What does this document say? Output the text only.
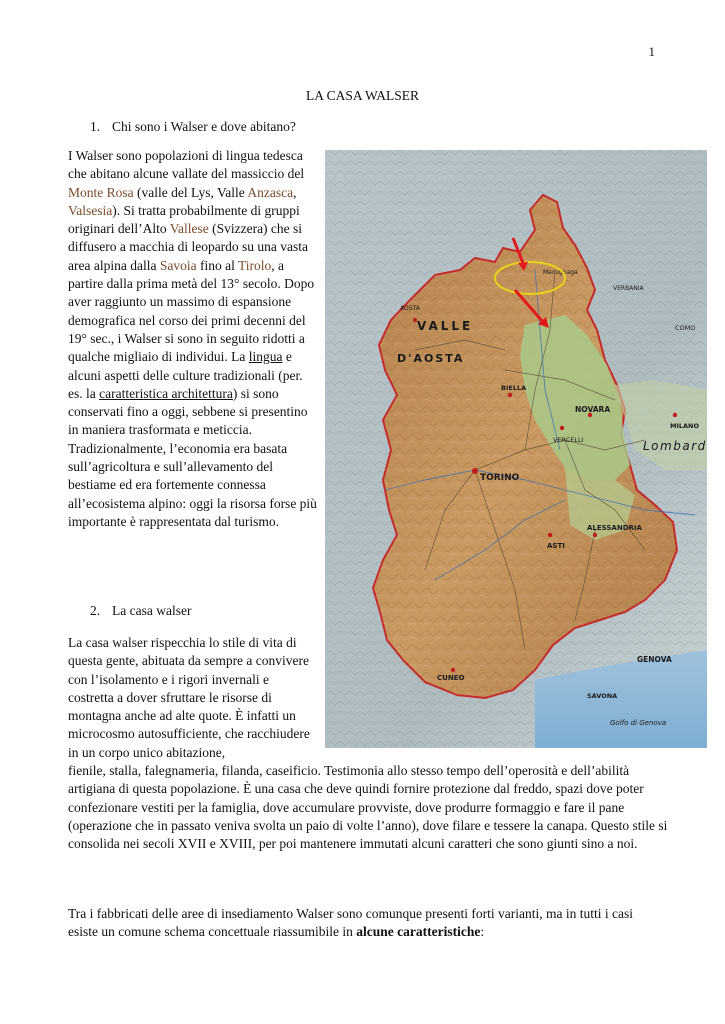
1
LA CASA WALSER
1. Chi sono i Walser e dove abitano?
I Walser sono popolazioni di lingua tedesca che abitano alcune vallate del massiccio del Monte Rosa (valle del Lys, Valle Anzasca, Valsesia). Si tratta probabilmente di gruppi originari dell’Alto Vallese (Svizzera) che si diffusero a macchia di leopardo su una vasta area alpina dalla Savoia fino al Tirolo, a partire dalla prima metà del 13° secolo. Dopo aver raggiunto un massimo di espansione demografica nel corso dei primi decenni del 19° sec., i Walser si sono in seguito ridotti a qualche migliaio di individui. La lingua e alcuni aspetti delle culture tradizionali (per. es. la caratteristica architettura) si sono conservati fino a oggi, sebbene si presentino in maniera trasformata e meticcia. Tradizionalmente, l’economia era basata sull’agricoltura e sull’allevamento del bestiame ed era fortemente connessa all’ecosistema alpino: oggi la risorsa forse più importante è rappresentata dal turismo.
2. La casa walser
La casa walser rispecchia lo stile di vita di questa gente, abituata da sempre a convivere con l’isolamento e i rigori invernali e costretta a dover sfruttare le risorse di montagna anche ad alte quote. È infatti un microcosmo autosufficiente, che racchiudere in un corpo unico abitazione,
fienile, stalla, falegnameria, filanda, caseificio. Testimonia allo stesso tempo dell’operosità e dell’abilità artigiana di questa popolazione. È una casa che deve quindi fornire protezione dal freddo, spazi dove poter confezionare vestiti per la famiglia, dove accumulare provviste, dove produrre formaggio e fare il pane (operazione che in passato veniva svolta un paio di volte l’anno), dove filare e tessere la canapa. Questo stile si consolida nei secoli XVII e XVIII, per poi mantenere immutati alcuni caratteri che sono giunti sino a noi.
Tra i fabbricati delle aree di insediamento Walser sono comunque presenti forti varianti, ma in tutti i casi esiste un comune schema concettuale riassumibile in alcune caratteristiche:
VALLE
D'AOSTA
AOSTA
TORINO
NOVARA
VERCELLI
BIELLA
ASTI
ALESSANDRIA
CUNEO
GENOVA
SAVONA
MILANO
Lombard
COMO
VERBANIA
Macugnaga
Golfo di Genova
